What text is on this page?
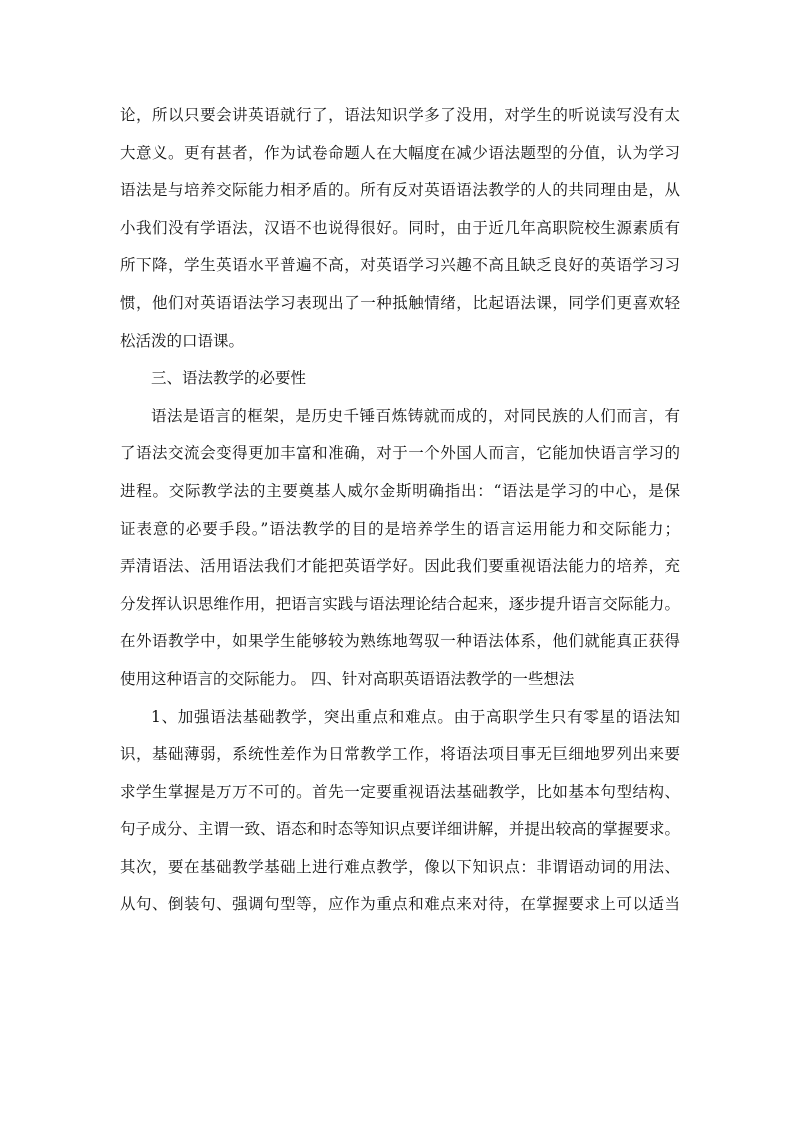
论，所以只要会讲英语就行了，语法知识学多了没用，对学生的听说读写没有太
大意义。更有甚者，作为试卷命题人在大幅度在减少语法题型的分值，认为学习
语法是与培养交际能力相矛盾的。所有反对英语语法教学的人的共同理由是，从
小我们没有学语法，汉语不也说得很好。同时，由于近几年高职院校生源素质有
所下降，学生英语水平普遍不高，对英语学习兴趣不高且缺乏良好的英语学习习
惯，他们对英语语法学习表现出了一种抵触情绪，比起语法课，同学们更喜欢轻
松活泼的口语课。
三、语法教学的必要性
语法是语言的框架，是历史千锤百炼铸就而成的，对同民族的人们而言，有
了语法交流会变得更加丰富和准确，对于一个外国人而言，它能加快语言学习的
进程。交际教学法的主要奠基人威尔金斯明确指出：“语法是学习的中心，是保
证表意的必要手段。”语法教学的目的是培养学生的语言运用能力和交际能力；
弄清语法、活用语法我们才能把英语学好。因此我们要重视语法能力的培养，充
分发挥认识思维作用，把语言实践与语法理论结合起来，逐步提升语言交际能力。
在外语教学中，如果学生能够较为熟练地驾驭一种语法体系，他们就能真正获得
使用这种语言的交际能力。 四、针对高职英语语法教学的一些想法
1、加强语法基础教学，突出重点和难点。由于高职学生只有零星的语法知
识，基础薄弱，系统性差作为日常教学工作，将语法项目事无巨细地罗列出来要
求学生掌握是万万不可的。首先一定要重视语法基础教学，比如基本句型结构、
句子成分、主谓一致、语态和时态等知识点要详细讲解，并提出较高的掌握要求。
其次，要在基础教学基础上进行难点教学，像以下知识点：非谓语动词的用法、
从句、倒装句、强调句型等，应作为重点和难点来对待，在掌握要求上可以适当
